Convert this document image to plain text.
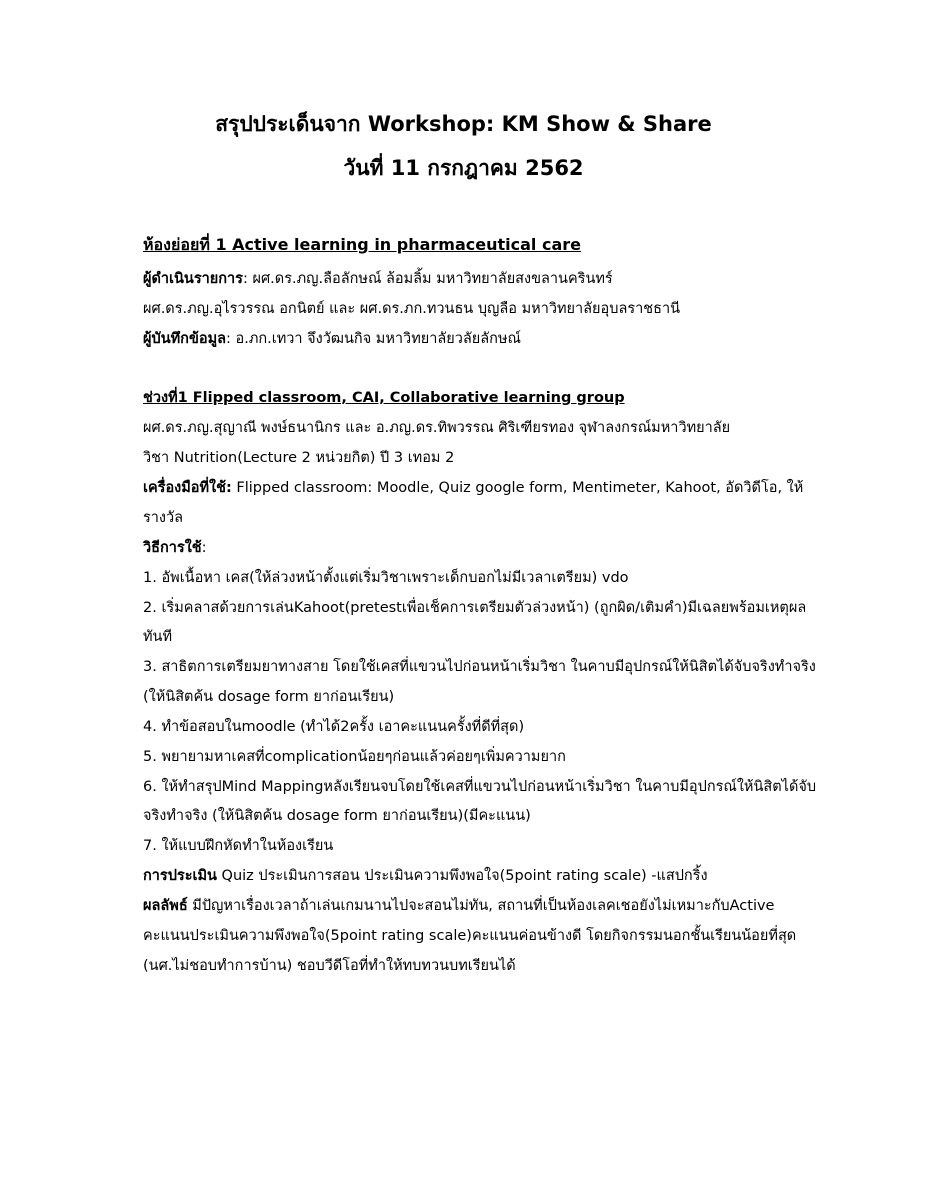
สรุปประเด็นจาก Workshop: KM Show & Share
วันที่ 11 กรกฎาคม 2562
ห้องย่อยที่ 1 Active learning in pharmaceutical care
ผู้ดำเนินรายการ: ผศ.ดร.ภญ.ลือลักษณ์ ล้อมลิ้ม มหาวิทยาลัยสงขลานครินทร์
ผศ.ดร.ภญ.อุไรวรรณ อกนิตย์ และ ผศ.ดร.ภก.ทวนธน บุญลือ มหาวิทยาลัยอุบลราชธานี
ผู้บันทึกข้อมูล: อ.ภก.เทวา จึงวัฒนกิจ มหาวิทยาลัยวลัยลักษณ์
ช่วงที่1 Flipped classroom, CAI, Collaborative learning group
ผศ.ดร.ภญ.สุญาณี พงษ์ธนานิกร และ อ.ภญ.ดร.ทิพวรรณ ศิริเฑียรทอง จุฬาลงกรณ์มหาวิทยาลัย
วิชา Nutrition(Lecture 2 หน่วยกิต) ปี 3 เทอม 2
เครื่องมือที่ใช้: Flipped classroom: Moodle, Quiz google form, Mentimeter, Kahoot, อัดวิดีโอ, ให้
รางวัล
วิธีการใช้:
1. อัพเนื้อหา เคส(ให้ล่วงหน้าตั้งแต่เริ่มวิชาเพราะเด็กบอกไม่มีเวลาเตรียม) vdo
2. เริ่มคลาสด้วยการเล่นKahoot(pretestเพื่อเช็คการเตรียมตัวล่วงหน้า) (ถูกผิด/เติมคำ)มีเฉลยพร้อมเหตุผล
ทันที
3. สาธิตการเตรียมยาทางสาย โดยใช้เคสที่แขวนไปก่อนหน้าเริ่มวิชา ในคาบมีอุปกรณ์ให้นิสิตได้จับจริงทำจริง
(ให้นิสิตค้น dosage form ยาก่อนเรียน)
4. ทำข้อสอบในmoodle (ทำได้2ครั้ง เอาคะแนนครั้งที่ดีที่สุด)
5. พยายามหาเคสที่complicationน้อยๆก่อนแล้วค่อยๆเพิ่มความยาก
6. ให้ทำสรุปMind Mappingหลังเรียนจบโดยใช้เคสที่แขวนไปก่อนหน้าเริ่มวิชา ในคาบมีอุปกรณ์ให้นิสิตได้จับ
จริงทำจริง (ให้นิสิตค้น dosage form ยาก่อนเรียน)(มีคะแนน)
7. ให้แบบฝึกหัดทำในห้องเรียน
การประเมิน Quiz ประเมินการสอน ประเมินความพึงพอใจ(5point rating scale) -แสปกริ้ง
ผลลัพธ์ มีปัญหาเรื่องเวลาถ้าเล่นเกมนานไปจะสอนไม่ทัน, สถานที่เป็นห้องเลคเชอยังไม่เหมาะกับActive
คะแนนประเมินความพึงพอใจ(5point rating scale)คะแนนค่อนข้างดี โดยกิจกรรมนอกชั้นเรียนน้อยที่สุด
(นศ.ไม่ชอบทำการบ้าน) ชอบวีดีโอที่ทำให้ทบทวนบทเรียนได้
